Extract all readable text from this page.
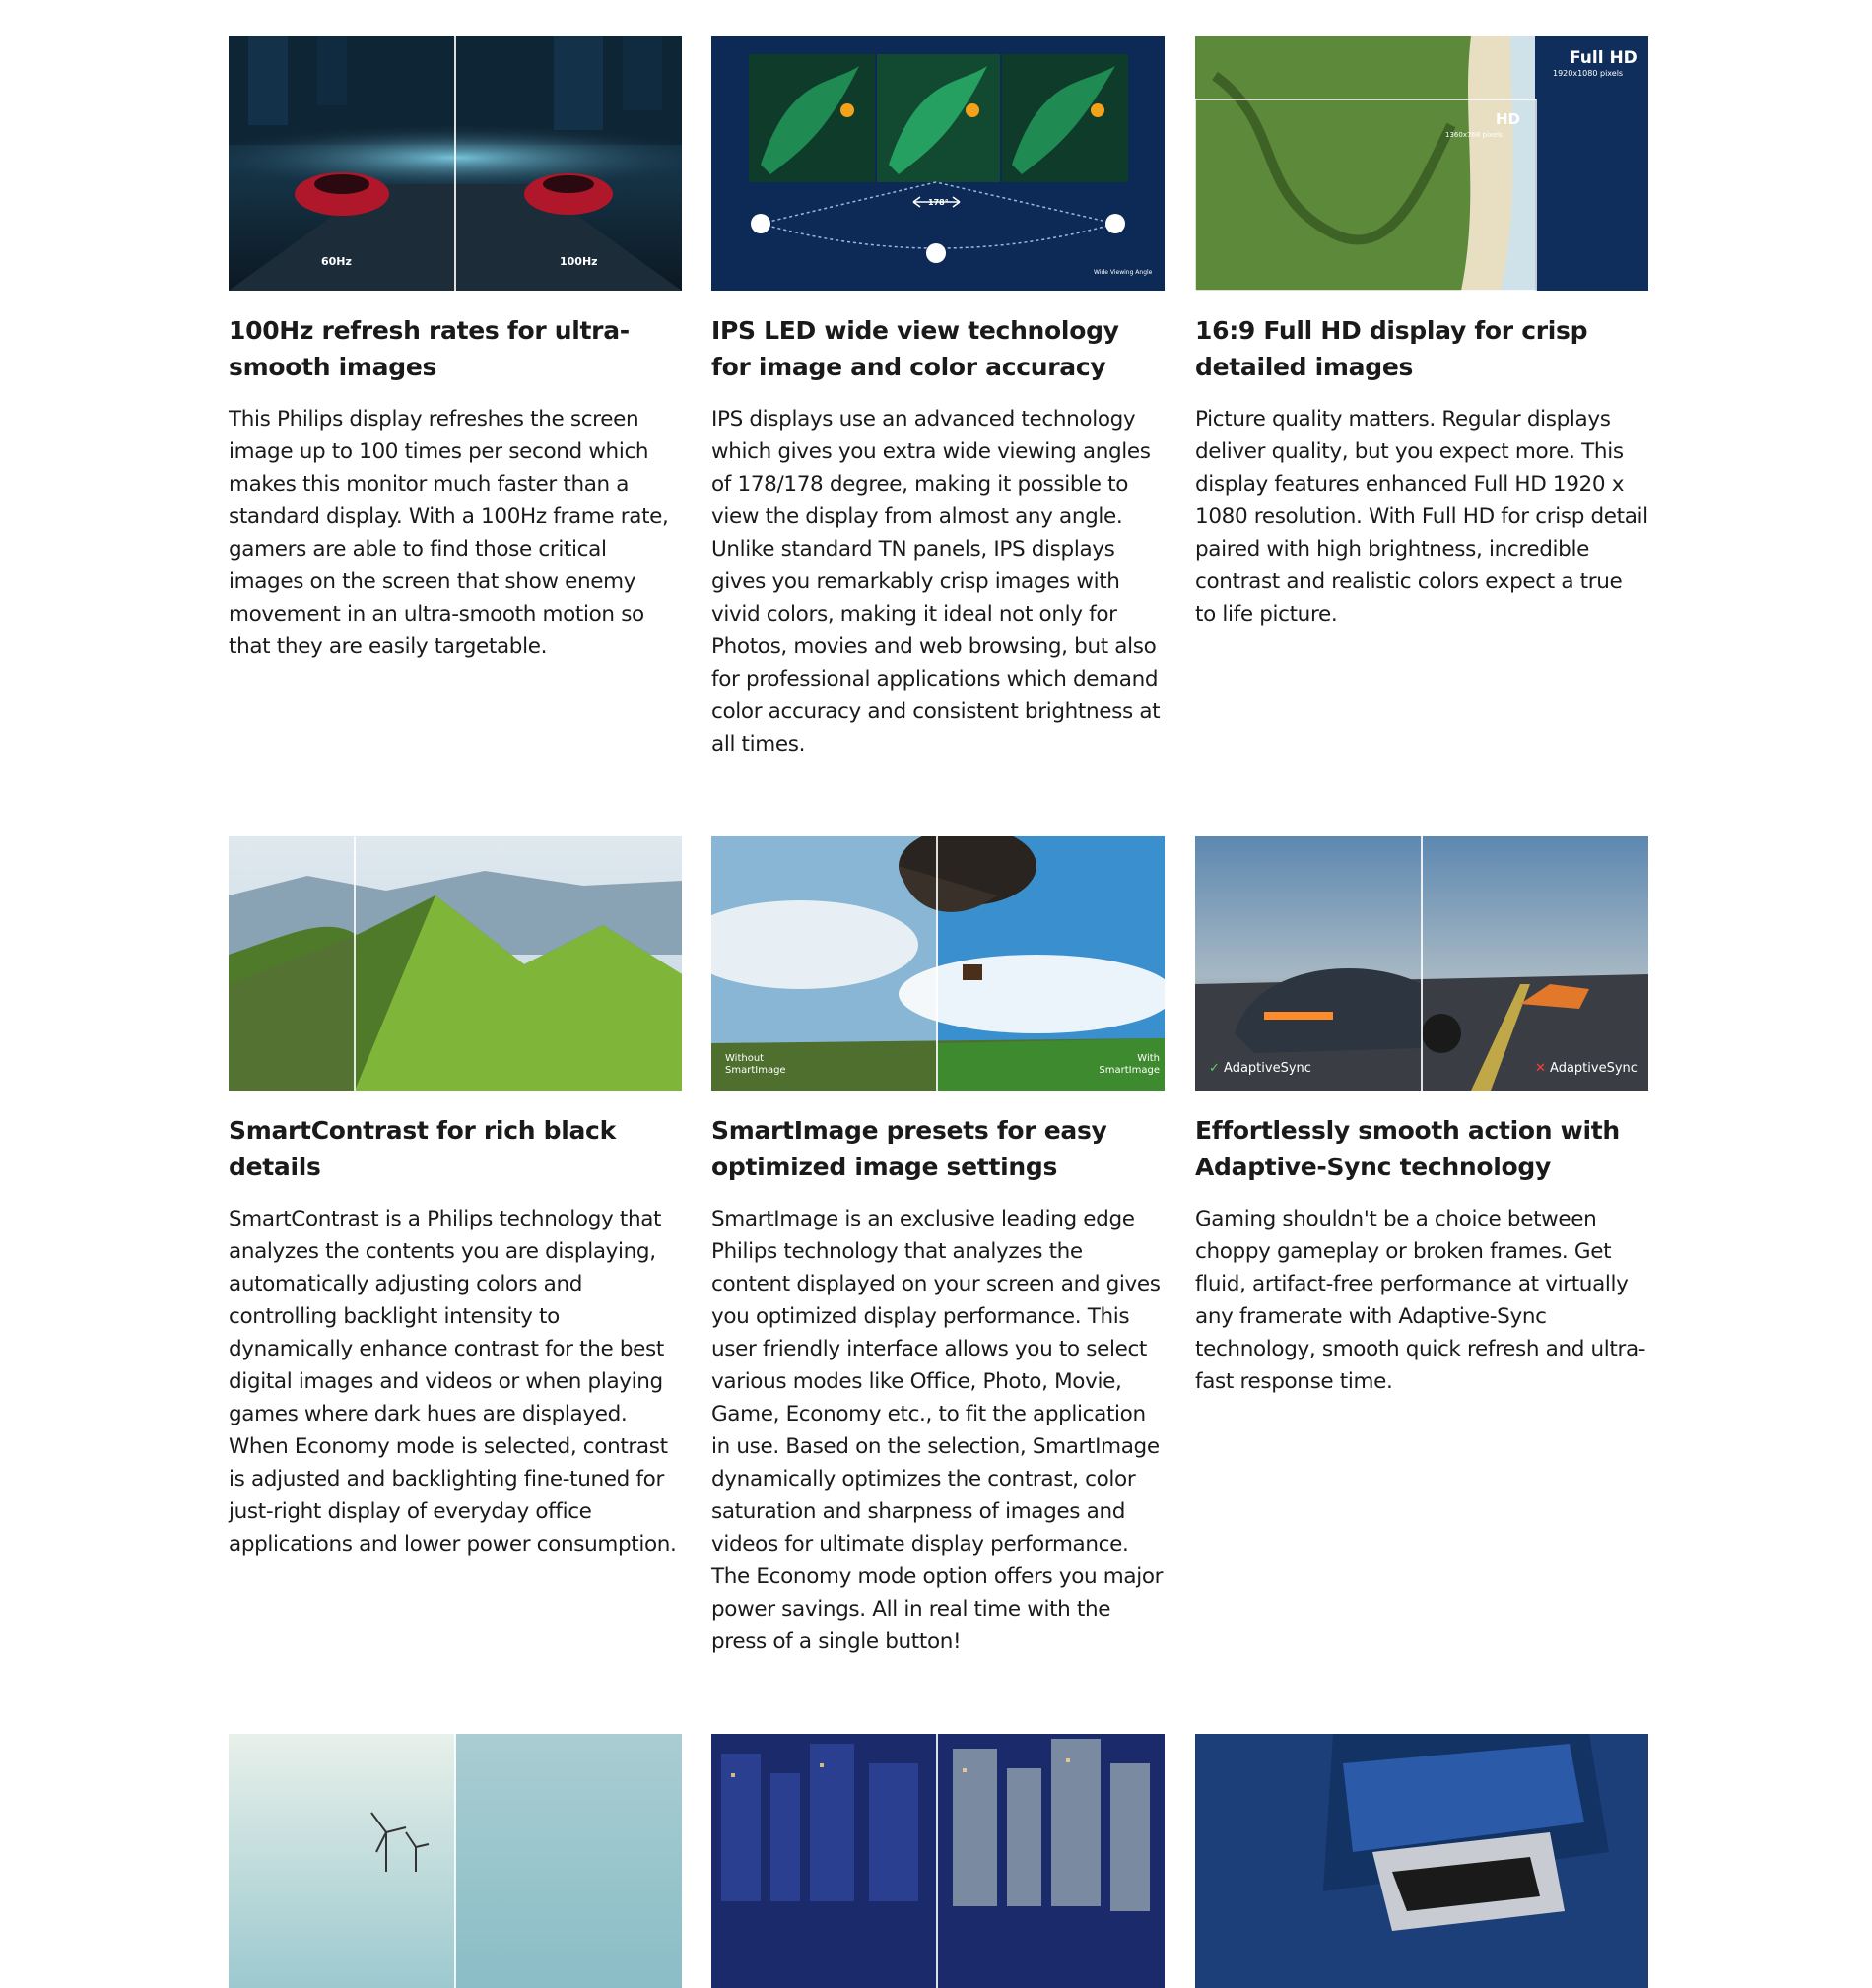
60Hz	100Hz
100Hz refresh rates for ultra-smooth images

This Philips display refreshes the screen image up to 100 times per second which makes this monitor much faster than a standard display. With a 100Hz frame rate, gamers are able to find those critical images on the screen that show enemy movement in an ultra-smooth motion so that they are easily targetable.

178°
Wide Viewing Angle
IPS LED wide view technology for image and color accuracy

IPS displays use an advanced technology which gives you extra wide viewing angles of 178/178 degree, making it possible to view the display from almost any angle. Unlike standard TN panels, IPS displays gives you remarkably crisp images with vivid colors, making it ideal not only for Photos, movies and web browsing, but also for professional applications which demand color accuracy and consistent brightness at all times.

Full HD
1920x1080 pixels
HD
1360x768 pixels
16:9 Full HD display for crisp detailed images

Picture quality matters. Regular displays deliver quality, but you expect more. This display features enhanced Full HD 1920 x 1080 resolution. With Full HD for crisp detail paired with high brightness, incredible contrast and realistic colors expect a true to life picture.

SmartContrast for rich black details

SmartContrast is a Philips technology that analyzes the contents you are displaying, automatically adjusting colors and controlling backlight intensity to dynamically enhance contrast for the best digital images and videos or when playing games where dark hues are displayed. When Economy mode is selected, contrast is adjusted and backlighting fine-tuned for just-right display of everyday office applications and lower power consumption.

Without SmartImage
With SmartImage
SmartImage presets for easy optimized image settings

SmartImage is an exclusive leading edge Philips technology that analyzes the content displayed on your screen and gives you optimized display performance. This user friendly interface allows you to select various modes like Office, Photo, Movie, Game, Economy etc., to fit the application in use. Based on the selection, SmartImage dynamically optimizes the contrast, color saturation and sharpness of images and videos for ultimate display performance. The Economy mode option offers you major power savings. All in real time with the press of a single button!

✓ AdaptiveSync	✕ AdaptiveSync
Effortlessly smooth action with Adaptive-Sync technology

Gaming shouldn't be a choice between choppy gameplay or broken frames. Get fluid, artifact-free performance at virtually any framerate with Adaptive-Sync technology, smooth quick refresh and ultra-fast response time.
